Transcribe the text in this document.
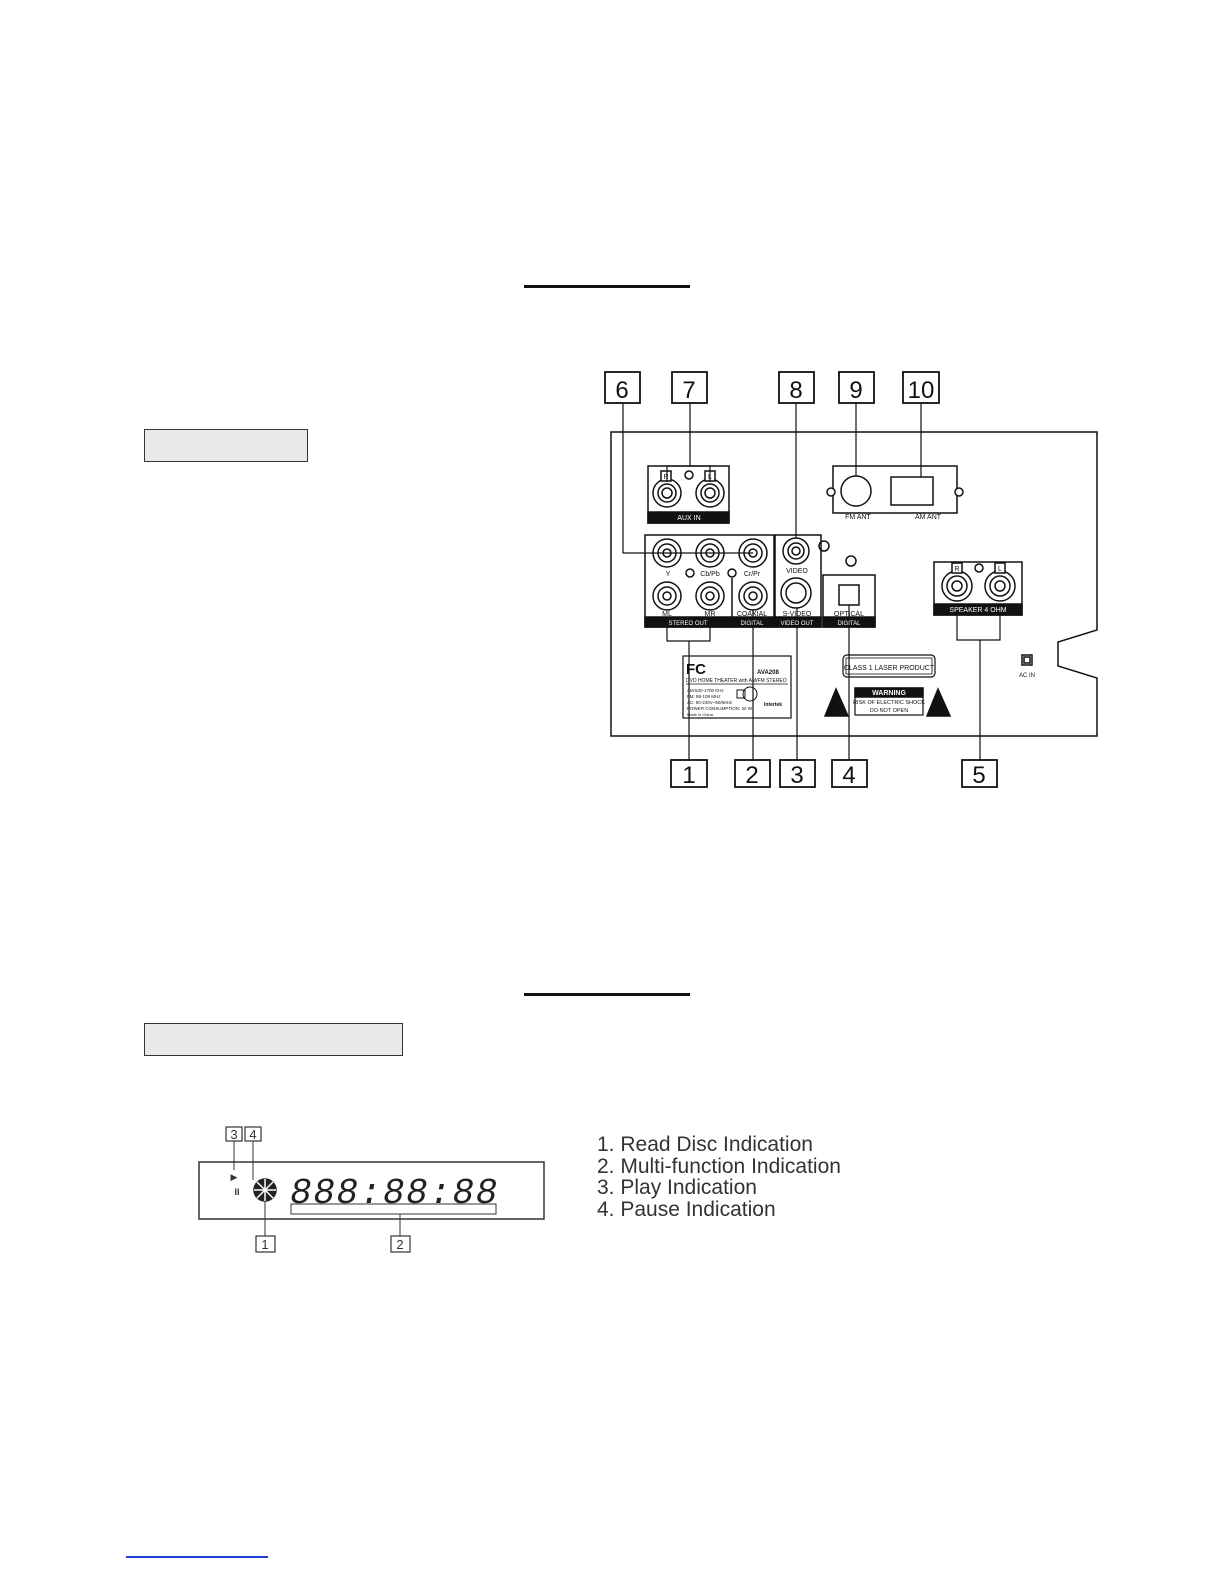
R	L
AUX IN	FM ANT	AM ANT
Y	Cb/Pb	Cr/Pr
ML	MR
STEREO OUT
COAXIAL
DIGITAL
VIDEO
S-VIDEO
VIDEO OUT
OPTICAL
DIGITAL
R	L
SPEAKER 4 OHM
AC IN
FC	AVA208
DVD HOME THEATER with AM/FM STEREO
AM:530-1700 KHz
FM: 88-108 MHz
AC: 90-240V~50/60Hz
POWER CONSUMPTION: 30 W
Made in China
Intertek
CLASS 1 LASER PRODUCT
WARNING
RISK OF ELECTRIC SHOCK
DO NOT OPEN
6 7	8 9 10
1 2 3 4	5
▶
II 888:88:88
3 4
1	2
1. Read Disc Indication
2. Multi-function Indication
3. Play Indication
4. Pause Indication
